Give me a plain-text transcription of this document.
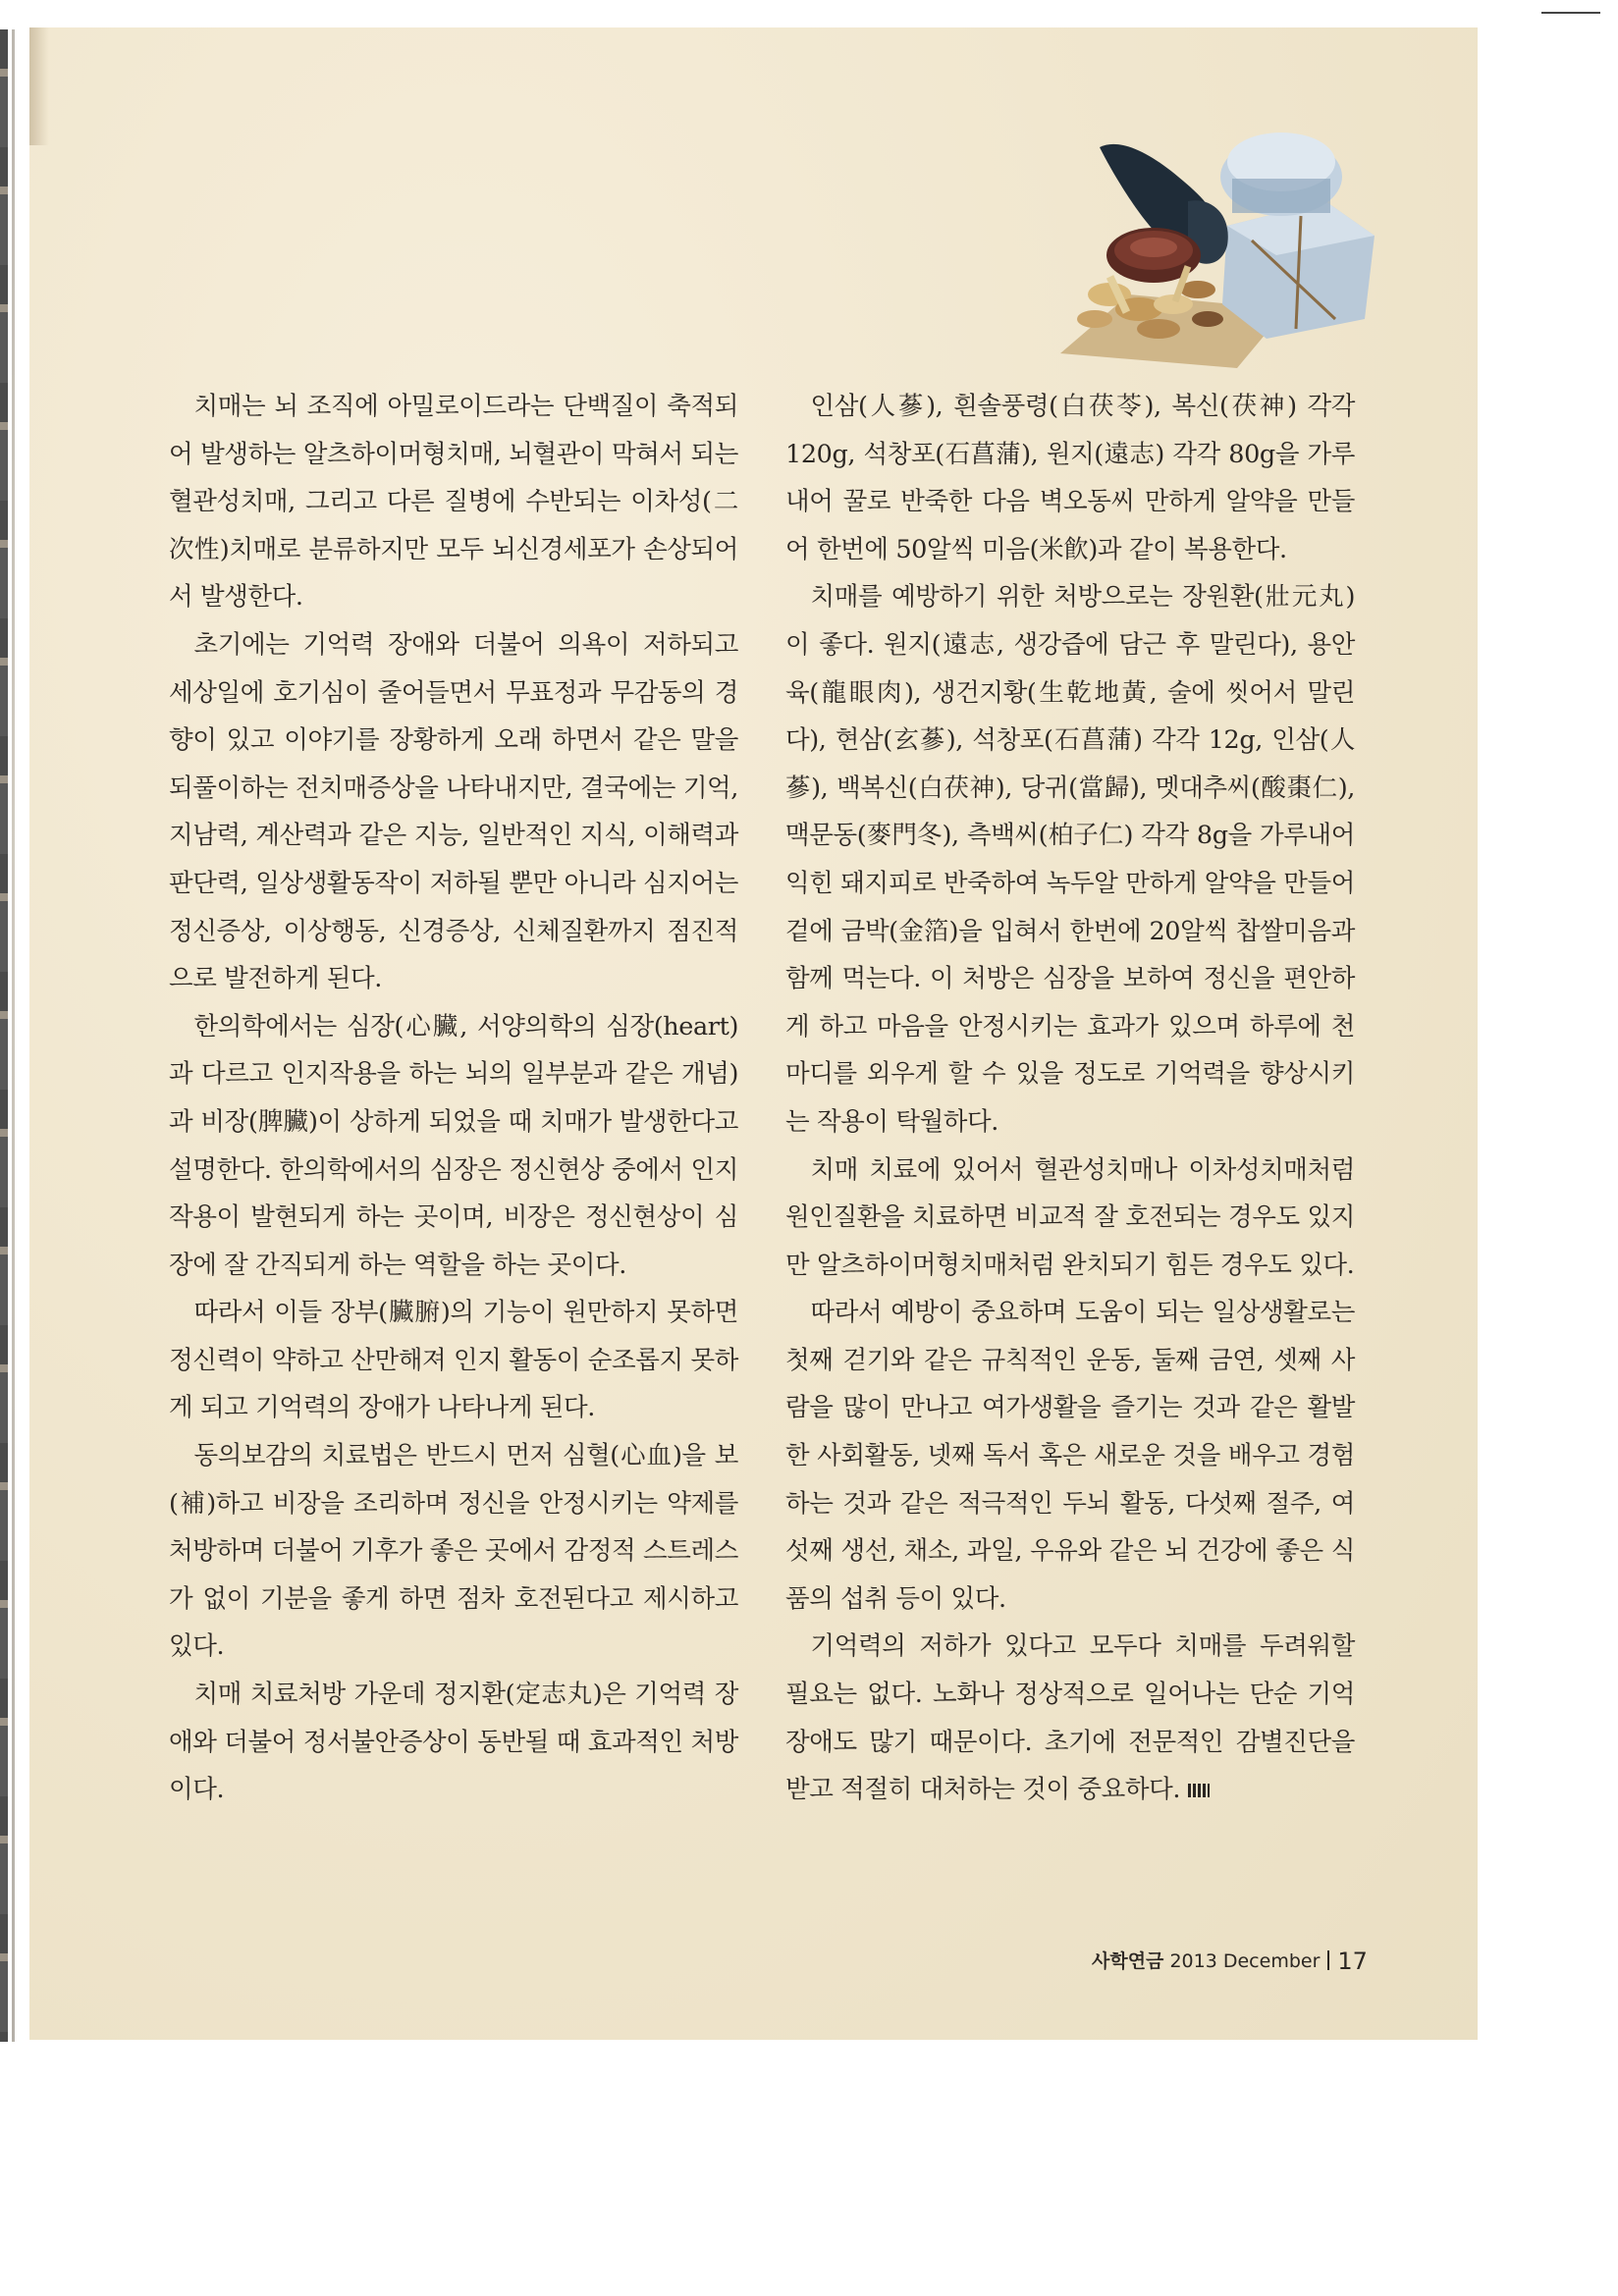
치매는 뇌 조직에 아밀로이드라는 단백질이 축적되어 발생하는 알츠하이머형치매, 뇌혈관이 막혀서 되는 혈관성치매, 그리고 다른 질병에 수반되는 이차성(二次性)치매로 분류하지만 모두 뇌신경세포가 손상되어서 발생한다.

초기에는 기억력 장애와 더불어 의욕이 저하되고 세상일에 호기심이 줄어들면서 무표정과 무감동의 경향이 있고 이야기를 장황하게 오래 하면서 같은 말을 되풀이하는 전치매증상을 나타내지만, 결국에는 기억, 지남력, 계산력과 같은 지능, 일반적인 지식, 이해력과 판단력, 일상생활동작이 저하될 뿐만 아니라 심지어는 정신증상, 이상행동, 신경증상, 신체질환까지 점진적으로 발전하게 된다.

한의학에서는 심장(心臟, 서양의학의 심장(heart)과 다르고 인지작용을 하는 뇌의 일부분과 같은 개념)과 비장(脾臟)이 상하게 되었을 때 치매가 발생한다고 설명한다. 한의학에서의 심장은 정신현상 중에서 인지작용이 발현되게 하는 곳이며, 비장은 정신현상이 심장에 잘 간직되게 하는 역할을 하는 곳이다.

따라서 이들 장부(臟腑)의 기능이 원만하지 못하면 정신력이 약하고 산만해져 인지 활동이 순조롭지 못하게 되고 기억력의 장애가 나타나게 된다.

동의보감의 치료법은 반드시 먼저 심혈(心血)을 보(補)하고 비장을 조리하며 정신을 안정시키는 약제를 처방하며 더불어 기후가 좋은 곳에서 감정적 스트레스가 없이 기분을 좋게 하면 점차 호전된다고 제시하고 있다.

치매 치료처방 가운데 정지환(定志丸)은 기억력 장애와 더불어 정서불안증상이 동반될 때 효과적인 처방이다.

인삼(人蔘), 흰솔풍령(白茯苓), 복신(茯神) 각각 120g, 석창포(石菖蒲), 원지(遠志) 각각 80g을 가루내어 꿀로 반죽한 다음 벽오동씨 만하게 알약을 만들어 한번에 50알씩 미음(米飮)과 같이 복용한다.

치매를 예방하기 위한 처방으로는 장원환(壯元丸)이 좋다. 원지(遠志, 생강즙에 담근 후 말린다), 용안육(龍眼肉), 생건지황(生乾地黃, 술에 씻어서 말린다), 현삼(玄蔘), 석창포(石菖蒲) 각각 12g, 인삼(人蔘), 백복신(白茯神), 당귀(當歸), 멧대추씨(酸棗仁), 맥문동(麥門冬), 측백씨(柏子仁) 각각 8g을 가루내어 익힌 돼지피로 반죽하여 녹두알 만하게 알약을 만들어 겉에 금박(金箔)을 입혀서 한번에 20알씩 찹쌀미음과 함께 먹는다. 이 처방은 심장을 보하여 정신을 편안하게 하고 마음을 안정시키는 효과가 있으며 하루에 천 마디를 외우게 할 수 있을 정도로 기억력을 향상시키는 작용이 탁월하다.

치매 치료에 있어서 혈관성치매나 이차성치매처럼 원인질환을 치료하면 비교적 잘 호전되는 경우도 있지만 알츠하이머형치매처럼 완치되기 힘든 경우도 있다.

따라서 예방이 중요하며 도움이 되는 일상생활로는 첫째 걷기와 같은 규칙적인 운동, 둘째 금연, 셋째 사람을 많이 만나고 여가생활을 즐기는 것과 같은 활발한 사회활동, 넷째 독서 혹은 새로운 것을 배우고 경험하는 것과 같은 적극적인 두뇌 활동, 다섯째 절주, 여섯째 생선, 채소, 과일, 우유와 같은 뇌 건강에 좋은 식품의 섭취 등이 있다.

기억력의 저하가 있다고 모두다 치매를 두려워할 필요는 없다. 노화나 정상적으로 일어나는 단순 기억장애도 많기 때문이다. 초기에 전문적인 감별진단을 받고 적절히 대처하는 것이 중요하다.

사학연금 2013 December 17
